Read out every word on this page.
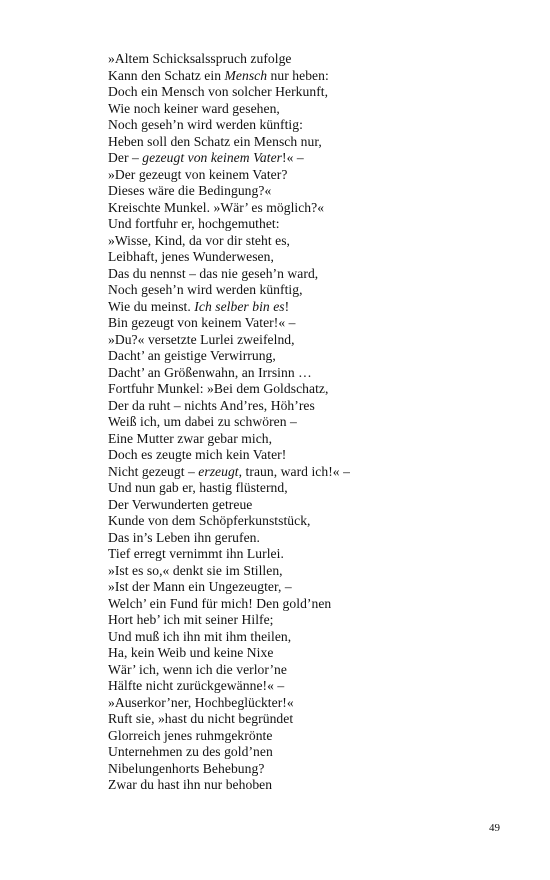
»Altem Schicksalsspruch zufolge
Kann den Schatz ein Mensch nur heben:
Doch ein Mensch von solcher Herkunft,
Wie noch keiner ward gesehen,
Noch geseh’n wird werden künftig:
Heben soll den Schatz ein Mensch nur,
Der – gezeugt von keinem Vater!« –
»Der gezeugt von keinem Vater?
Dieses wäre die Bedingung?«
Kreischte Munkel. »Wär’ es möglich?«
Und fortfuhr er, hochgemuthet:
»Wisse, Kind, da vor dir steht es,
Leibhaft, jenes Wunderwesen,
Das du nennst – das nie geseh’n ward,
Noch geseh’n wird werden künftig,
Wie du meinst. Ich selber bin es!
Bin gezeugt von keinem Vater!« –
»Du?« versetzte Lurlei zweifelnd,
Dacht’ an geistige Verwirrung,
Dacht’ an Größenwahn, an Irrsinn …
Fortfuhr Munkel: »Bei dem Goldschatz,
Der da ruht – nichts And’res, Höh’res
Weiß ich, um dabei zu schwören –
Eine Mutter zwar gebar mich,
Doch es zeugte mich kein Vater!
Nicht gezeugt – erzeugt, traun, ward ich!« –
Und nun gab er, hastig flüsternd,
Der Verwunderten getreue
Kunde von dem Schöpferkunststück,
Das in’s Leben ihn gerufen.
Tief erregt vernimmt ihn Lurlei.
»Ist es so,« denkt sie im Stillen,
»Ist der Mann ein Ungezeugter, –
Welch’ ein Fund für mich! Den gold’nen
Hort heb’ ich mit seiner Hilfe;
Und muß ich ihn mit ihm theilen,
Ha, kein Weib und keine Nixe
Wär’ ich, wenn ich die verlor’ne
Hälfte nicht zurückgewänne!« –
»Auserkor’ner, Hochbeglückter!«
Ruft sie, »hast du nicht begründet
Glorreich jenes ruhmgekrönte
Unternehmen zu des gold’nen
Nibelungenhorts Behebung?
Zwar du hast ihn nur behoben
49
